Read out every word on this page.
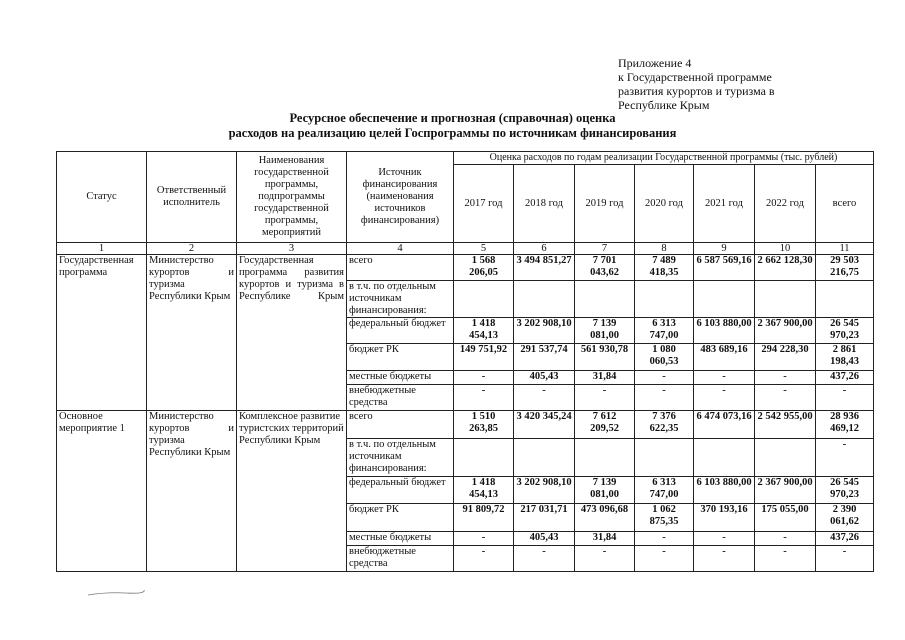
Приложение 4
к Государственной программе
развития курортов и туризма в
Республике Крым
Ресурсное обеспечение и прогнозная (справочная) оценка
расходов на реализацию целей Госпрограммы по источникам финансирования
Статус	Ответственный исполнитель	Наименования государственной программы, подпрограммы государственной программы, мероприятий	Источник финансирования (наименования источников финансирования)	Оценка расходов по годам реализации Государственной программы (тыс. рублей)						
				2017 год	2018 год	2019 год	2020 год	2021 год	2022 год	всего
1	2	3	4	5	6	7	8	9	10	11
Государственная программа	Министерство
курортов и
туризма Республики Крым	Государственная программа развития курортов и туризма в Республике Крым	всего	1 568 206,05	3 494 851,27	7 701 043,62	7 489 418,35	6 587 569,16	2 662 128,30	29 503 216,75
			в т.ч. по отдельным источникам финансирования:							
			федеральный бюджет	1 418 454,13	3 202 908,10	7 139 081,00	6 313 747,00	6 103 880,00	2 367 900,00	26 545 970,23
			бюджет РК	149 751,92	291 537,74	561 930,78	1 080 060,53	483 689,16	294 228,30	2 861 198,43
			местные бюджеты	-	405,43	31,84	-	-	-	437,26
			внебюджетные средства	-	-	-	-	-	-	-
Основное мероприятие 1	Министерство
курортов и
туризма Республики Крым	Комплексное развитие туристских территорий Республики Крым	всего	1 510 263,85	3 420 345,24	7 612 209,52	7 376 622,35	6 474 073,16	2 542 955,00	28 936 469,12
			в т.ч. по отдельным источникам финансирования:							-
			федеральный бюджет	1 418 454,13	3 202 908,10	7 139 081,00	6 313 747,00	6 103 880,00	2 367 900,00	26 545 970,23
			бюджет РК	91 809,72	217 031,71	473 096,68	1 062 875,35	370 193,16	175 055,00	2 390 061,62
			местные бюджеты	-	405,43	31,84	-	-	-	437,26
			внебюджетные средства	-	-	-	-	-	-	-
